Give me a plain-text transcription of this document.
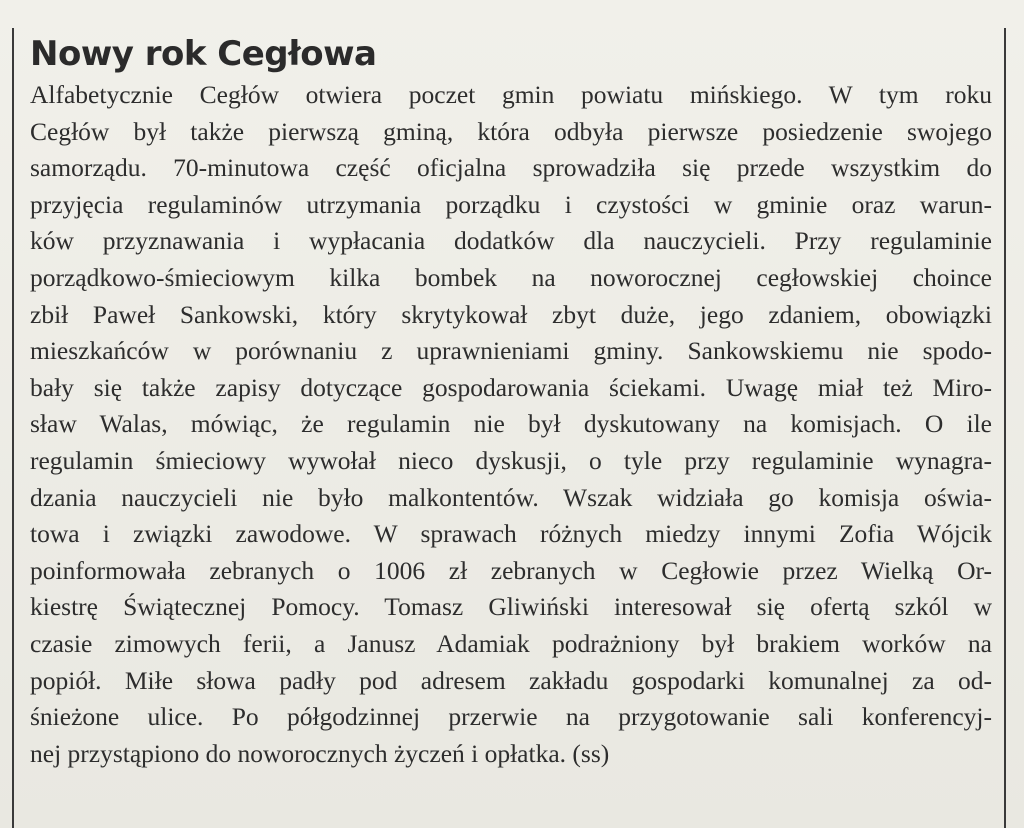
Nowy rok Cegłowa
Alfabetycznie Cegłów otwiera poczet gmin powiatu mińskiego. W tym roku
Cegłów był także pierwszą gminą, która odbyła pierwsze posiedzenie swojego
samorządu. 70-minutowa część oficjalna sprowadziła się przede wszystkim do
przyjęcia regulaminów utrzymania porządku i czystości w gminie oraz warun-
ków przyznawania i wypłacania dodatków dla nauczycieli. Przy regulaminie
porządkowo-śmieciowym kilka bombek na noworocznej cegłowskiej choince
zbił Paweł Sankowski, który skrytykował zbyt duże, jego zdaniem, obowiązki
mieszkańców w porównaniu z uprawnieniami gminy. Sankowskiemu nie spodo-
bały się także zapisy dotyczące gospodarowania ściekami. Uwagę miał też Miro-
sław Walas, mówiąc, że regulamin nie był dyskutowany na komisjach. O ile
regulamin śmieciowy wywołał nieco dyskusji, o tyle przy regulaminie wynagra-
dzania nauczycieli nie było malkontentów. Wszak widziała go komisja oświa-
towa i związki zawodowe. W sprawach różnych miedzy innymi Zofia Wójcik
poinformowała zebranych o 1006 zł zebranych w Cegłowie przez Wielką Or-
kiestrę Świątecznej Pomocy. Tomasz Gliwiński interesował się ofertą szkól w
czasie zimowych ferii, a Janusz Adamiak podrażniony był brakiem worków na
popiół. Miłe słowa padły pod adresem zakładu gospodarki komunalnej za od-
śnieżone ulice. Po półgodzinnej przerwie na przygotowanie sali konferencyj-
nej przystąpiono do noworocznych życzeń i opłatka. (ss)
